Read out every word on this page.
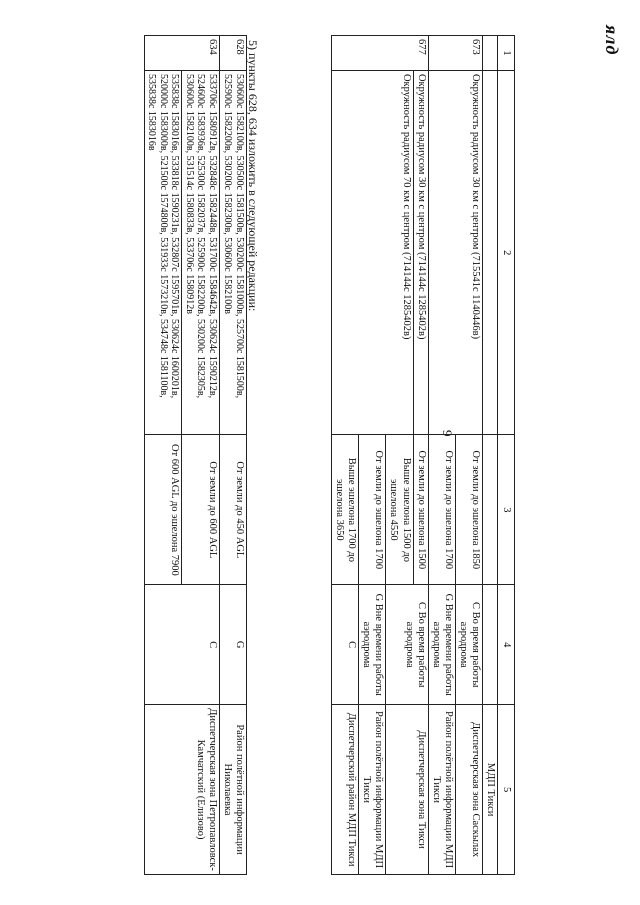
ялд
9
1	2	3	4	5
				МДП Тикси
673	Окружность радиусом 30 км с центром (715541с 1140446в)	От земли до эшелона 1850	C Во время работы аэродрома	Диспетчерская зона Саскылах
		От земли до эшелона 1700	G Вне времени работы аэродрома	Район полётной информации МДП Тикси
677	Окружность радиусом 30 км с центром (714144с 1285402в)	От земли до эшелона 1500	C Во время работы аэродрома	Диспетчерская зона Тикси
	Окружность радиусом 70 км с центром (714144с 1285402в)	Выше эшелона 1500 до эшелона 4550		
		От земли до эшелона 1700	G Вне времени работы аэродрома	Район полётной информации МДП Тикси
		Выше эшелона 1700 до эшелона 3650	C	Диспетчерский район МДП Тикси
5) пункты 628, 634 изложить в следующей редакции:
628	530600с 1582100в, 530500с 1581500в, 530200с 1581000в, 525700с 1581500в, 525900с 1582200в, 530200с 1582300в, 530600с 1582100в	От земли до 450 AGL	G	Район полётной информации Николаевка
634	533706с 1580912в, 532848с 1582448в, 531700с 1584642в, 530624с 1590212в, 524600с 1583936в, 525300с 1582037в, 525900с 1582200в, 530200с 1582305в, 530600с 1582100в, 531514с 1580833в, 533706с 1580912в	От земли до 600 AGL	C	Диспетчерская зона Петропавловск-Камчатский (Елизово)
	535838с 1583016в, 533818с 1590231в, 532807с 1595701в, 530624с 1600201в, 520000с 1583000в, 521500с 1574800в, 531933с 1573210в, 534748с 1581100в, 535838с 1583016в	От 600 AGL до эшелона 7900		
